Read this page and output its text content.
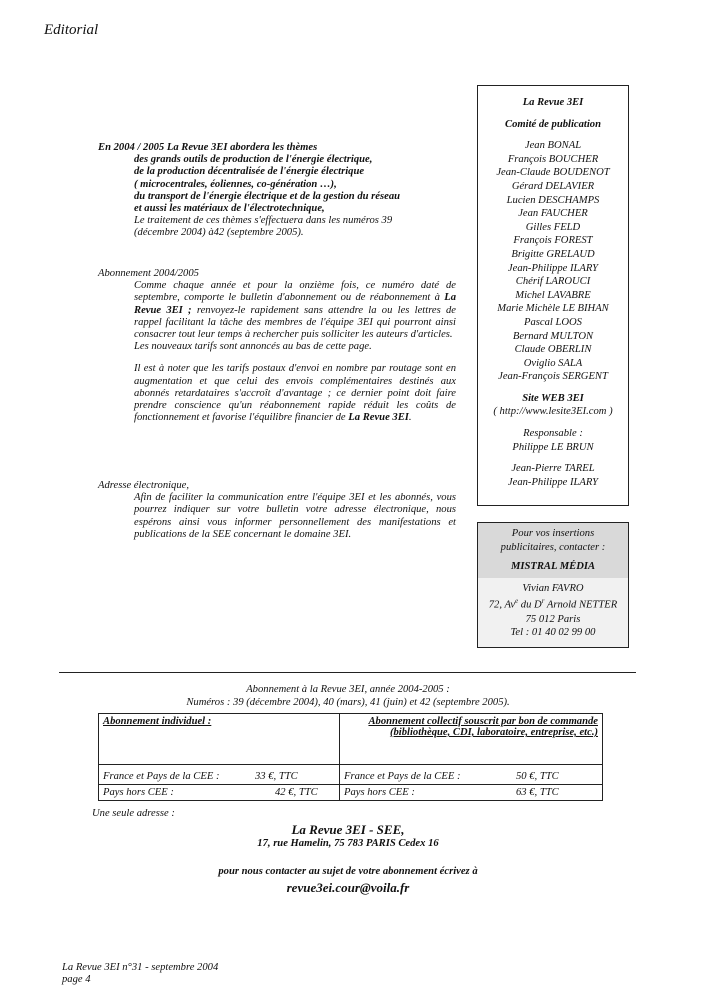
Editorial
En 2004 / 2005 La Revue 3EI abordera les thèmes
des grands outils de production de l'énergie électrique,
de la production décentralisée de l'énergie électrique
( microcentrales, éoliennes, co-génération …),
du transport de l'énergie électrique et de la gestion du réseau
et aussi les matériaux de l'électrotechnique,
Le traitement de ces thèmes s'effectuera dans les numéros 39
(décembre 2004) à42 (septembre 2005).
Abonnement 2004/2005
Comme chaque année et pour la onzième fois, ce numéro daté de septembre, comporte le bulletin d'abonnement ou de réabonnement à La Revue 3EI ; renvoyez-le rapidement sans attendre la ou les lettres de rappel facilitant la tâche des membres de l'équipe 3EI qui pourront ainsi consacrer tout leur temps à rechercher puis solliciter les auteurs d'articles.
Les nouveaux tarifs sont annoncés au bas de cette page.
Il est à noter que les tarifs postaux d'envoi en nombre par routage sont en augmentation et que celui des envois complémentaires destinés aux abonnés retardataires s'accroît d'avantage ; ce dernier point doit faire prendre conscience qu'un réabonnement rapide réduit les coûts de fonctionnement et favorise l'équilibre financier de La Revue 3EI.
Adresse électronique,
Afin de faciliter la communication entre l'équipe 3EI et les abonnés, vous pourrez indiquer sur votre bulletin votre adresse électronique, nous espérons ainsi vous informer personnellement des manifestations et publications de la SEE concernant le domaine 3EI.
La Revue 3EI
Comité de publication
Jean BONAL
François BOUCHER
Jean-Claude BOUDENOT
Gérard DELAVIER
Lucien DESCHAMPS
Jean FAUCHER
Gilles FELD
François FOREST
Brigitte GRELAUD
Jean-Philippe ILARY
Chérif LAROUCI
Michel LAVABRE
Marie Michèle LE BIHAN
Pascal LOOS
Bernard MULTON
Claude OBERLIN
Oviglio SALA
Jean-François SERGENT
Site WEB 3EI
( http://www.lesite3EI.com )
Responsable :
Philippe LE BRUN
Jean-Pierre TAREL
Jean-Philippe ILARY
Pour vos insertions
publicitaires, contacter :
MISTRAL MÉDIA
Vivian FAVRO
72, Av$^e$ du $D^r$ Arnold NETTER
75 012 Paris
Tel : 01 40 02 99 00
Abonnement à la Revue 3EI, année 2004-2005 :
Numéros : 39 (décembre 2004), 40 (mars), 41 (juin) et 42 (septembre 2005).
Abonnement individuel :	Abonnement collectif souscrit par bon de commande
(bibliothèque, CDI, laboratoire, entreprise, etc.)

France et Pays de la CEE : 33 €, TTC	France et Pays de la CEE : 50 €, TTC

Pays hors CEE : 42 €, TTC	Pays hors CEE : 63 €, TTC
Une seule adresse :
La Revue 3EI - SEE,
17, rue Hamelin, 75 783 PARIS Cedex 16
pour nous contacter au sujet de votre abonnement écrivez à
revue3ei.cour@voila.fr
La Revue 3EI n°31 - septembre 2004
page 4
